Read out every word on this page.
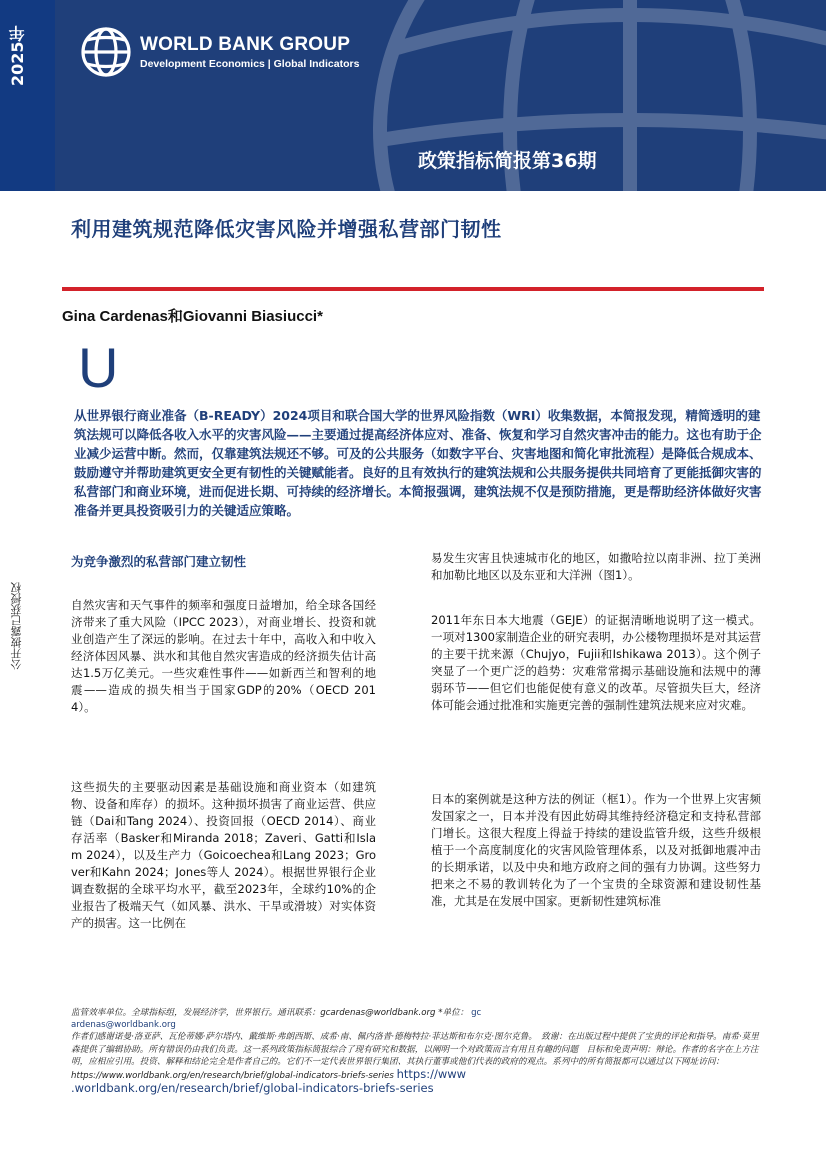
2025年	WORLD BANK GROUP
Development Economics | Global Indicators
政策指标简报第36期
利用建筑规范降低灾害风险并增强私营部门韧性
Gina Cardenas和Giovanni Biasiucci*
U
从世界银行商业准备（B-READY）2024项目和联合国大学的世界风险指数（WRI）收集数据，本简报发现，精简透明的建筑法规可以降低各收入水平的灾害风险——主要通过提高经济体应对、准备、恢复和学习自然灾害冲击的能力。这也有助于企业减少运营中断。然而，仅靠建筑法规还不够。可及的公共服务（如数字平台、灾害地图和简化审批流程）是降低合规成本、鼓励遵守并帮助建筑更安全更有韧性的关键赋能者。良好的且有效执行的建筑法规和公共服务提供共同培育了更能抵御灾害的私营部门和商业环境，进而促进长期、可持续的经济增长。本简报强调，建筑法规不仅是预防措施，更是帮助经济体做好灾害准备并更具投资吸引力的关键适应策略。
公开披露已获授权
为竞争激烈的私营部门建立韧性
自然灾害和天气事件的频率和强度日益增加，给全球各国经济带来了重大风险（IPCC 2023），对商业增长、投资和就业创造产生了深远的影响。在过去十年中，高收入和中收入经济体因风暴、洪水和其他自然灾害造成的经济损失估计高达1.5万亿美元。一些灾难性事件——如新西兰和智利的地震——造成的损失相当于国家GDP的20%（OECD 2014）。
这些损失的主要驱动因素是基础设施和商业资本（如建筑物、设备和库存）的损坏。这种损坏损害了商业运营、供应链（Dai和Tang 2024）、投资回报（OECD 2014）、商业存活率（Basker和Miranda 2018；Zaveri、Gatti和Islam 2024），以及生产力（Goicoechea和Lang 2023；Grover和Kahn 2024；Jones等人 2024）。根据世界银行企业调查数据的全球平均水平，截至2023年，全球约10%的企业报告了极端天气（如风暴、洪水、干旱或滑坡）对实体资产的损害。这一比例在
易发生灾害且快速城市化的地区，如撒哈拉以南非洲、拉丁美洲和加勒比地区以及东亚和大洋洲（图1）。
2011年东日本大地震（GEJE）的证据清晰地说明了这一模式。一项对1300家制造企业的研究表明，办公楼物理损坏是对其运营的主要干扰来源（Chujyo，Fujii和Ishikawa 2013）。这个例子突显了一个更广泛的趋势：灾难常常揭示基础设施和法规中的薄弱环节——但它们也能促使有意义的改革。尽管损失巨大，经济体可能会通过批准和实施更完善的强制性建筑法规来应对灾难。
日本的案例就是这种方法的例证（框1）。作为一个世界上灾害频发国家之一，日本并没有因此妨碍其维持经济稳定和支持私营部门增长。这很大程度上得益于持续的建设监管升级，这些升级根植于一个高度制度化的灾害风险管理体系，以及对抵御地震冲击的长期承诺，以及中央和地方政府之间的强有力协调。这些努力把来之不易的教训转化为了一个宝贵的全球资源和建设韧性基准，尤其是在发展中国家。更新韧性建筑标准
监管效率单位。全球指标组，发展经济学，世界银行。通讯联系：gcardenas@worldbank.org *单位： gc
ardenas@worldbank.org
作者们感谢诺曼·洛亚萨、瓦伦蒂娜·萨尔塔内、戴维斯·弗朗西斯、成希·南、佩内洛普·德梅特拉·菲达斯和布尔克·图尔克鲁。　致谢：在出版过程中提供了宝贵的评论和指导。南希·莫里森提供了编辑协助。所有错误仍由我们负责。这一系列政策指标简报综合了现有研究和数据，以阐明一个对政策而言有用且有趣的问题　目标和免责声明：辩论。作者的名字在上方注明，应相应引用。投资、解释和结论完全是作者自己的。它们不一定代表世界银行集团、其执行董事或他们代表的政府的观点。系列中的所有简报都可以通过以下网址访问：https://www.worldbank.org/en/research/brief/global-indicators-briefs-series https://www
.worldbank.org/en/research/brief/global-indicators-briefs-series
